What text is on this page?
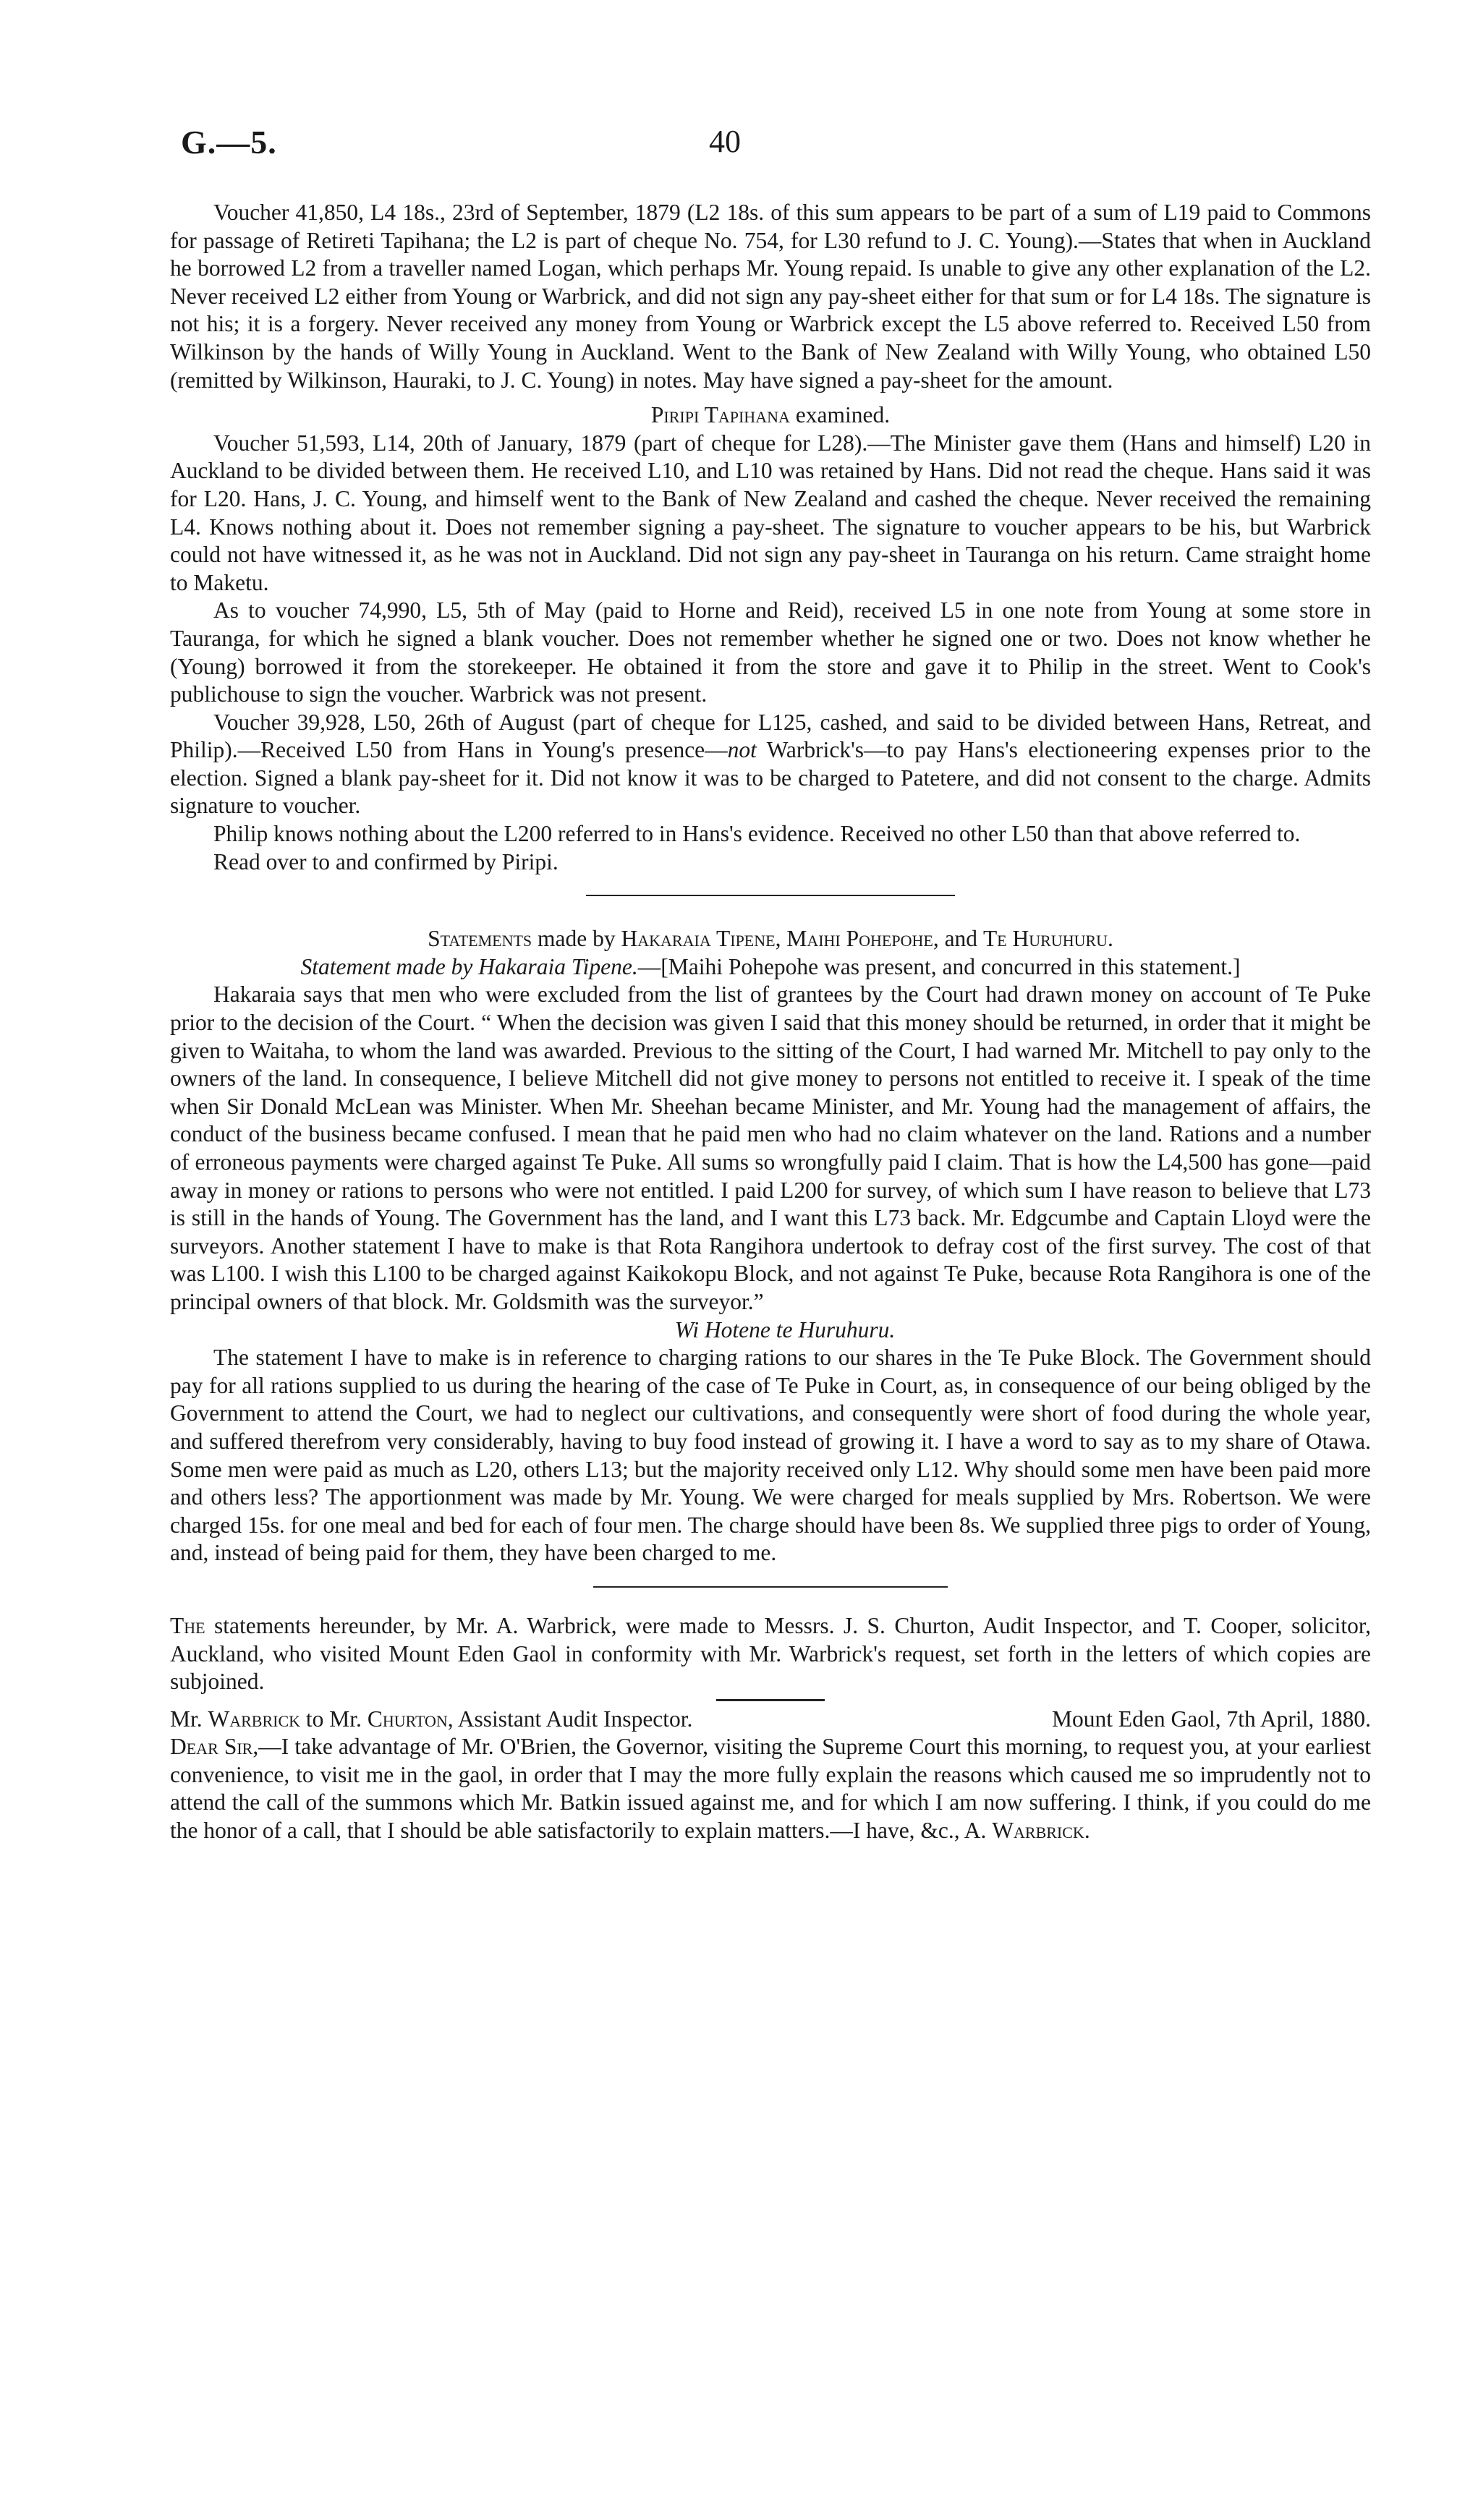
G.—5.	40

Voucher 41,850, L4 18s., 23rd of September, 1879 (L2 18s. of this sum appears to be part of a sum of L19 paid to Commons for passage of Retireti Tapihana; the L2 is part of cheque No. 754, for L30 refund to J. C. Young).—States that when in Auckland he borrowed L2 from a traveller named Logan, which perhaps Mr. Young repaid. Is unable to give any other explanation of the L2. Never received L2 either from Young or Warbrick, and did not sign any pay-sheet either for that sum or for L4 18s. The signature is not his; it is a forgery. Never received any money from Young or Warbrick except the L5 above referred to. Received L50 from Wilkinson by the hands of Willy Young in Auckland. Went to the Bank of New Zealand with Willy Young, who obtained L50 (remitted by Wilkinson, Hauraki, to J. C. Young) in notes. May have signed a pay-sheet for the amount.

Piripi Tapihana examined.

Voucher 51,593, L14, 20th of January, 1879 (part of cheque for L28).—The Minister gave them (Hans and himself) L20 in Auckland to be divided between them. He received L10, and L10 was retained by Hans. Did not read the cheque. Hans said it was for L20. Hans, J. C. Young, and himself went to the Bank of New Zealand and cashed the cheque. Never received the remaining L4. Knows nothing about it. Does not remember signing a pay-sheet. The signature to voucher appears to be his, but Warbrick could not have witnessed it, as he was not in Auckland. Did not sign any pay-sheet in Tauranga on his return. Came straight home to Maketu.

As to voucher 74,990, L5, 5th of May (paid to Horne and Reid), received L5 in one note from Young at some store in Tauranga, for which he signed a blank voucher. Does not remember whether he signed one or two. Does not know whether he (Young) borrowed it from the storekeeper. He obtained it from the store and gave it to Philip in the street. Went to Cook's publichouse to sign the voucher. Warbrick was not present.

Voucher 39,928, L50, 26th of August (part of cheque for L125, cashed, and said to be divided between Hans, Retreat, and Philip).—Received L50 from Hans in Young's presence—not Warbrick's—to pay Hans's electioneering expenses prior to the election. Signed a blank pay-sheet for it. Did not know it was to be charged to Patetere, and did not consent to the charge. Admits signature to voucher.

Philip knows nothing about the L200 referred to in Hans's evidence. Received no other L50 than that above referred to.

Read over to and confirmed by Piripi.

Statements made by Hakaraia Tipene, Maihi Pohepohe, and Te Huruhuru.

Statement made by Hakaraia Tipene.—[Maihi Pohepohe was present, and concurred in this statement.]

Hakaraia says that men who were excluded from the list of grantees by the Court had drawn money on account of Te Puke prior to the decision of the Court. “ When the decision was given I said that this money should be returned, in order that it might be given to Waitaha, to whom the land was awarded. Previous to the sitting of the Court, I had warned Mr. Mitchell to pay only to the owners of the land. In consequence, I believe Mitchell did not give money to persons not entitled to receive it. I speak of the time when Sir Donald McLean was Minister. When Mr. Sheehan became Minister, and Mr. Young had the management of affairs, the conduct of the business became confused. I mean that he paid men who had no claim whatever on the land. Rations and a number of erroneous payments were charged against Te Puke. All sums so wrongfully paid I claim. That is how the L4,500 has gone—paid away in money or rations to persons who were not entitled. I paid L200 for survey, of which sum I have reason to believe that L73 is still in the hands of Young. The Government has the land, and I want this L73 back. Mr. Edgcumbe and Captain Lloyd were the surveyors. Another statement I have to make is that Rota Rangihora undertook to defray cost of the first survey. The cost of that was L100. I wish this L100 to be charged against Kaikokopu Block, and not against Te Puke, because Rota Rangihora is one of the principal owners of that block. Mr. Goldsmith was the surveyor.”

Wi Hotene te Huruhuru.

The statement I have to make is in reference to charging rations to our shares in the Te Puke Block. The Government should pay for all rations supplied to us during the hearing of the case of Te Puke in Court, as, in consequence of our being obliged by the Government to attend the Court, we had to neglect our cultivations, and consequently were short of food during the whole year, and suffered therefrom very considerably, having to buy food instead of growing it. I have a word to say as to my share of Otawa. Some men were paid as much as L20, others L13; but the majority received only L12. Why should some men have been paid more and others less? The apportionment was made by Mr. Young. We were charged for meals supplied by Mrs. Robertson. We were charged 15s. for one meal and bed for each of four men. The charge should have been 8s. We supplied three pigs to order of Young, and, instead of being paid for them, they have been charged to me.

The statements hereunder, by Mr. A. Warbrick, were made to Messrs. J. S. Churton, Audit Inspector, and T. Cooper, solicitor, Auckland, who visited Mount Eden Gaol in conformity with Mr. Warbrick's request, set forth in the letters of which copies are subjoined.

Mr. Warbrick to Mr. Churton, Assistant Audit Inspector.	Mount Eden Gaol, 7th April, 1880.

Dear Sir,—I take advantage of Mr. O'Brien, the Governor, visiting the Supreme Court this morning, to request you, at your earliest convenience, to visit me in the gaol, in order that I may the more fully explain the reasons which caused me so imprudently not to attend the call of the summons which Mr. Batkin issued against me, and for which I am now suffering. I think, if you could do me the honor of a call, that I should be able satisfactorily to explain matters.—I have, &c., A. Warbrick.
